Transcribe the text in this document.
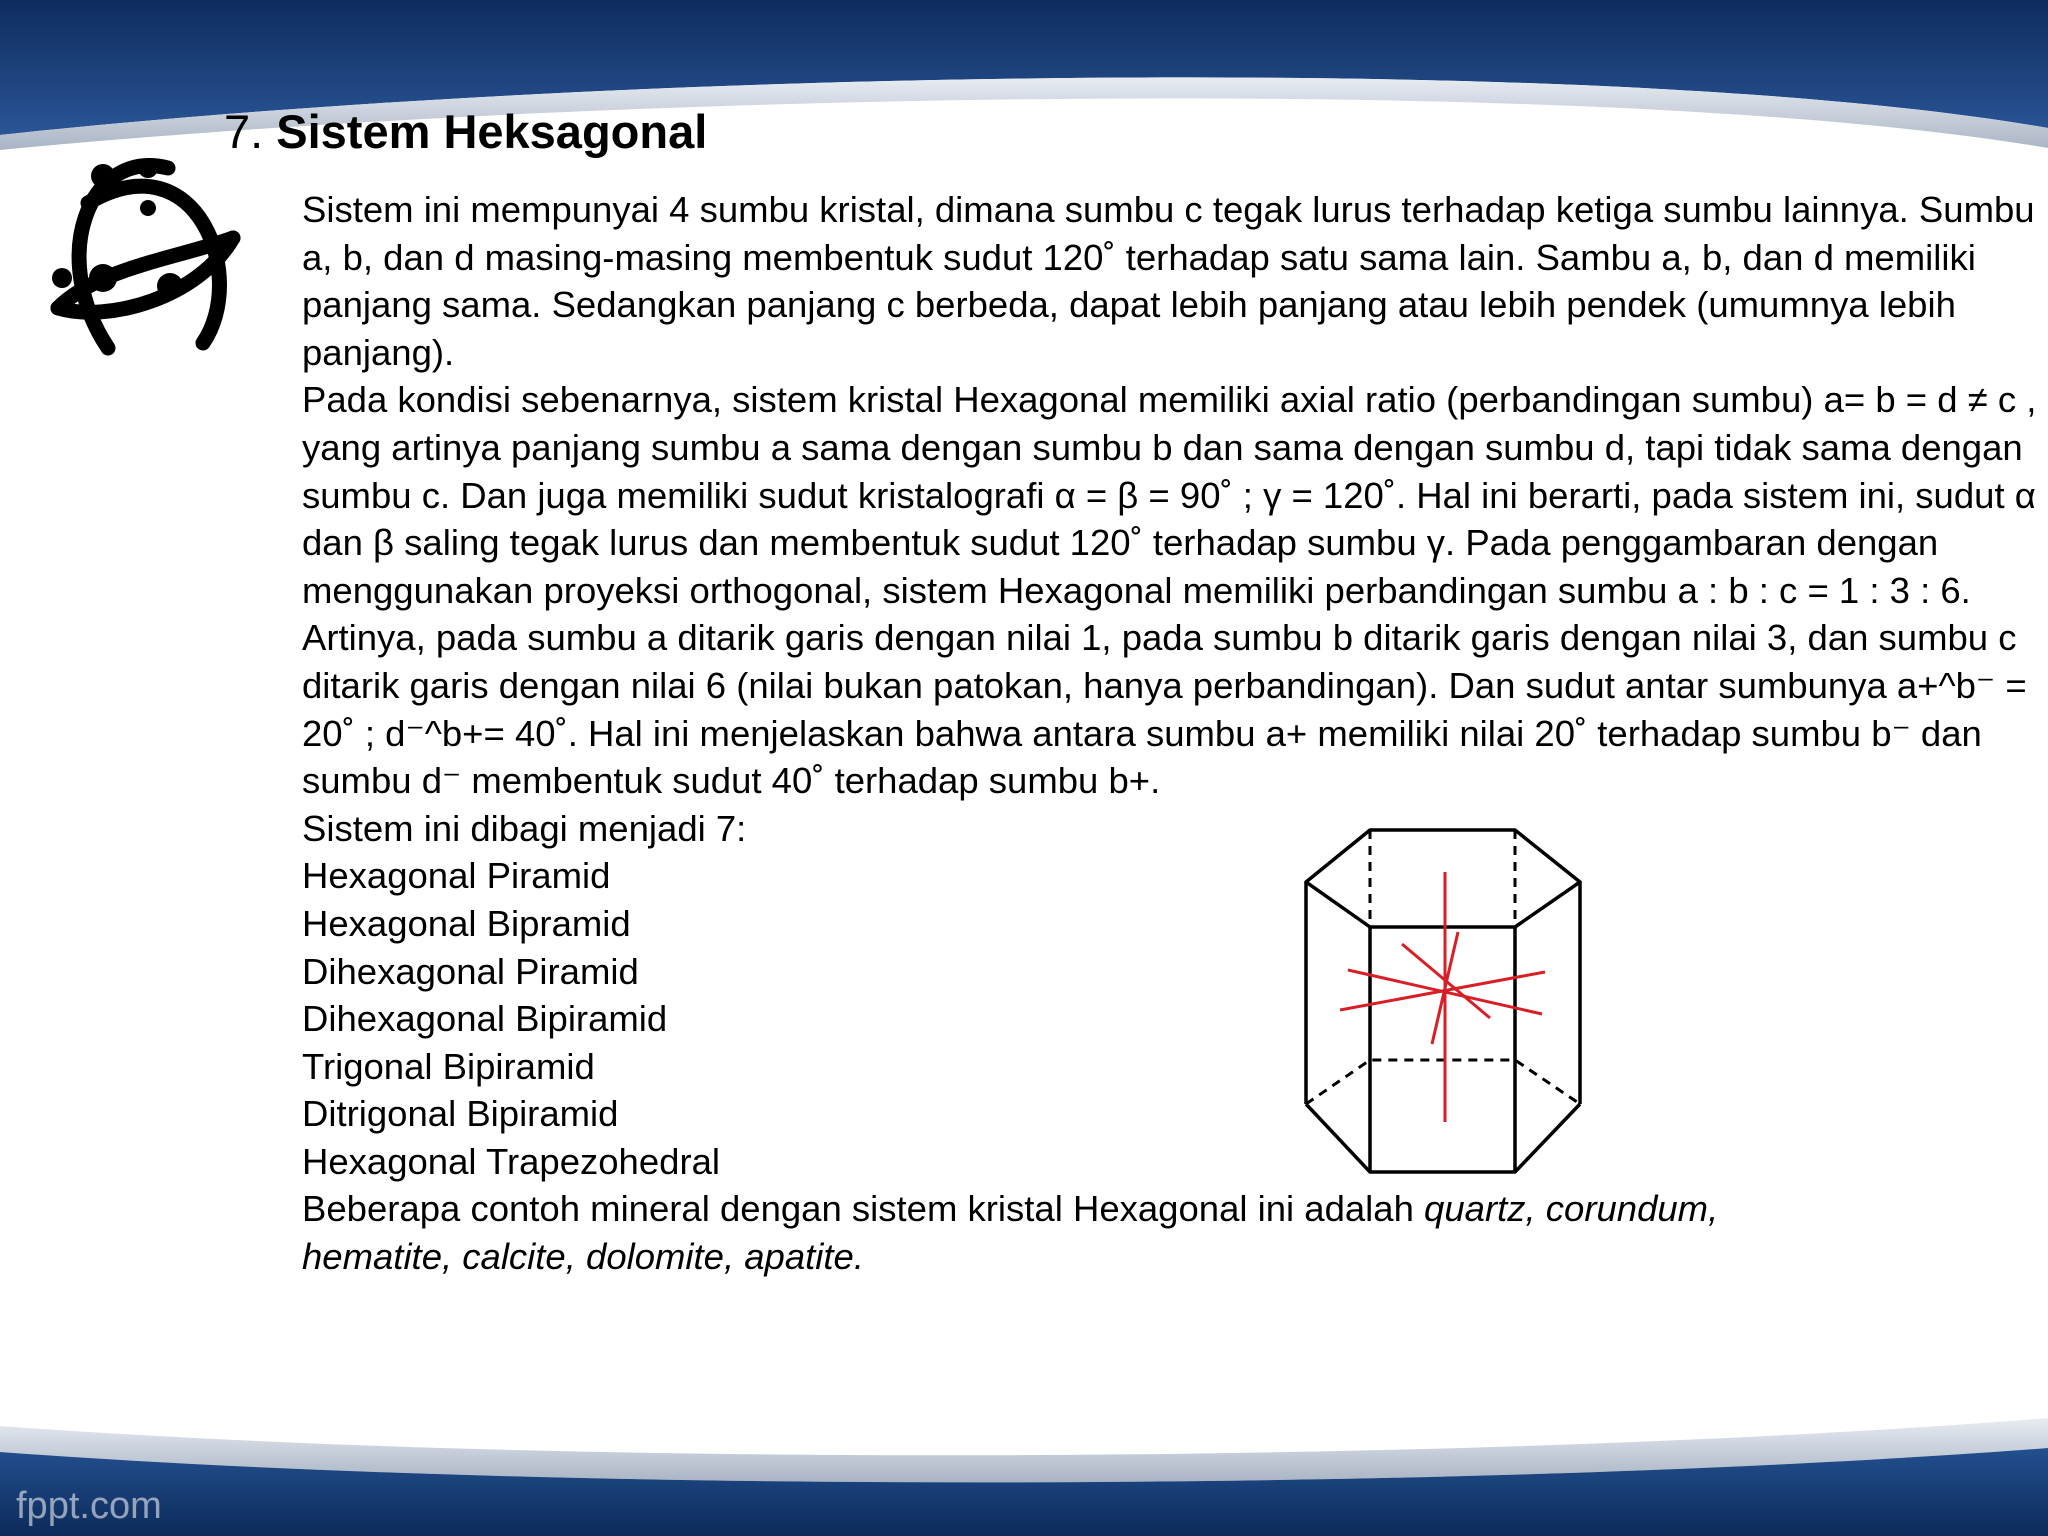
7. Sistem Heksagonal

Sistem ini mempunyai 4 sumbu kristal, dimana sumbu c tegak lurus terhadap ketiga sumbu lainnya. Sumbu a, b, dan d masing-masing membentuk sudut 120˚ terhadap satu sama lain. Sambu a, b, dan d memiliki panjang sama. Sedangkan panjang c berbeda, dapat lebih panjang atau lebih pendek (umumnya lebih panjang).

Pada kondisi sebenarnya, sistem kristal Hexagonal memiliki axial ratio (perbandingan sumbu) a= b = d ≠ c , yang artinya panjang sumbu a sama dengan sumbu b dan sama dengan sumbu d, tapi tidak sama dengan sumbu c. Dan juga memiliki sudut kristalografi α = β = 90˚ ; γ = 120˚. Hal ini berarti, pada sistem ini, sudut α dan β saling tegak lurus dan membentuk sudut 120˚ terhadap sumbu γ. Pada penggambaran dengan menggunakan proyeksi orthogonal, sistem Hexagonal memiliki perbandingan sumbu a : b : c = 1 : 3 : 6. Artinya, pada sumbu a ditarik garis dengan nilai 1, pada sumbu b ditarik garis dengan nilai 3, dan sumbu c ditarik garis dengan nilai 6 (nilai bukan patokan, hanya perbandingan). Dan sudut antar sumbunya a+^b⁻ = 20˚ ; d⁻^b+= 40˚. Hal ini menjelaskan bahwa antara sumbu a+ memiliki nilai 20˚ terhadap sumbu b⁻ dan sumbu d⁻ membentuk sudut 40˚ terhadap sumbu b+.

Sistem ini dibagi menjadi 7:

Hexagonal Piramid

Hexagonal Bipramid

Dihexagonal Piramid

Dihexagonal Bipiramid

Trigonal Bipiramid

Ditrigonal Bipiramid

Hexagonal Trapezohedral

Beberapa contoh mineral dengan sistem kristal Hexagonal ini adalah quartz, corundum,
hematite, calcite, dolomite, apatite.

fppt.com
